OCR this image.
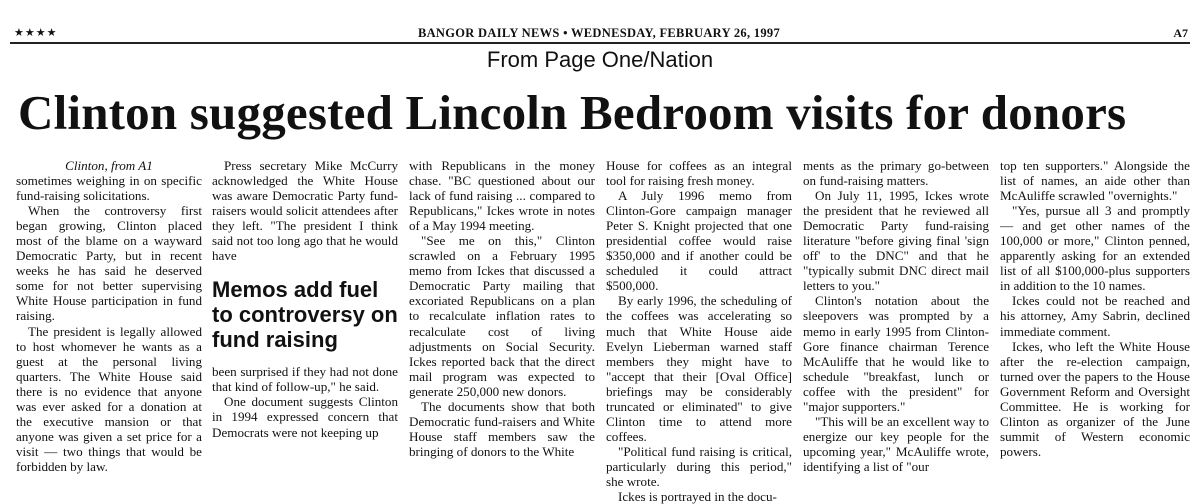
★★★★	BANGOR DAILY NEWS • WEDNESDAY, FEBRUARY 26, 1997	A7
From Page One/Nation
Clinton suggested Lincoln Bedroom visits for donors

Clinton, from A1

sometimes weighing in on specific fund-raising solicitations.

When the controversy first began growing, Clinton placed most of the blame on a wayward Democratic Party, but in recent weeks he has said he deserved some for not better supervising White House participation in fund raising.

The president is legally allowed to host whomever he wants as a guest at the personal living quarters. The White House said there is no evidence that anyone was ever asked for a donation at the executive mansion or that anyone was given a set price for a visit — two things that would be forbidden by law.

Press secretary Mike McCurry acknowledged the White House was aware Democratic Party fund-raisers would solicit attendees after they left. "The president I think said not too long ago that he would have

Memos add fuel to controversy on fund raising

been surprised if they had not done that kind of follow-up," he said.

One document suggests Clinton in 1994 expressed concern that Democrats were not keeping up

with Republicans in the money chase. "BC questioned about our lack of fund raising ... compared to Republicans," Ickes wrote in notes of a May 1994 meeting.

"See me on this," Clinton scrawled on a February 1995 memo from Ickes that discussed a Democratic Party mailing that excoriated Republicans on a plan to recalculate inflation rates to recalculate cost of living adjustments on Social Security. Ickes reported back that the direct mail program was expected to generate 250,000 new donors.

The documents show that both Democratic fund-raisers and White House staff members saw the bringing of donors to the White

House for coffees as an integral tool for raising fresh money.

A July 1996 memo from Clinton-Gore campaign manager Peter S. Knight projected that one presidential coffee would raise $350,000 and if another could be scheduled it could attract $500,000.

By early 1996, the scheduling of the coffees was accelerating so much that White House aide Evelyn Lieberman warned staff members they might have to "accept that their [Oval Office] briefings may be considerably truncated or eliminated" to give Clinton time to attend more coffees.

"Political fund raising is critical, particularly during this period," she wrote.

Ickes is portrayed in the docu-

ments as the primary go-between on fund-raising matters.

On July 11, 1995, Ickes wrote the president that he reviewed all Democratic Party fund-raising literature "before giving final 'sign off' to the DNC" and that he "typically submit DNC direct mail letters to you."

Clinton's notation about the sleepovers was prompted by a memo in early 1995 from Clinton-Gore finance chairman Terence McAuliffe that he would like to schedule "breakfast, lunch or coffee with the president" for "major supporters."

"This will be an excellent way to energize our key people for the upcoming year," McAuliffe wrote, identifying a list of "our

top ten supporters." Alongside the list of names, an aide other than McAuliffe scrawled "overnights."

"Yes, pursue all 3 and promptly — and get other names of the 100,000 or more," Clinton penned, apparently asking for an extended list of all $100,000-plus supporters in addition to the 10 names.

Ickes could not be reached and his attorney, Amy Sabrin, declined immediate comment.

Ickes, who left the White House after the re-election campaign, turned over the papers to the House Government Reform and Oversight Committee. He is working for Clinton as organizer of the June summit of Western economic powers.
